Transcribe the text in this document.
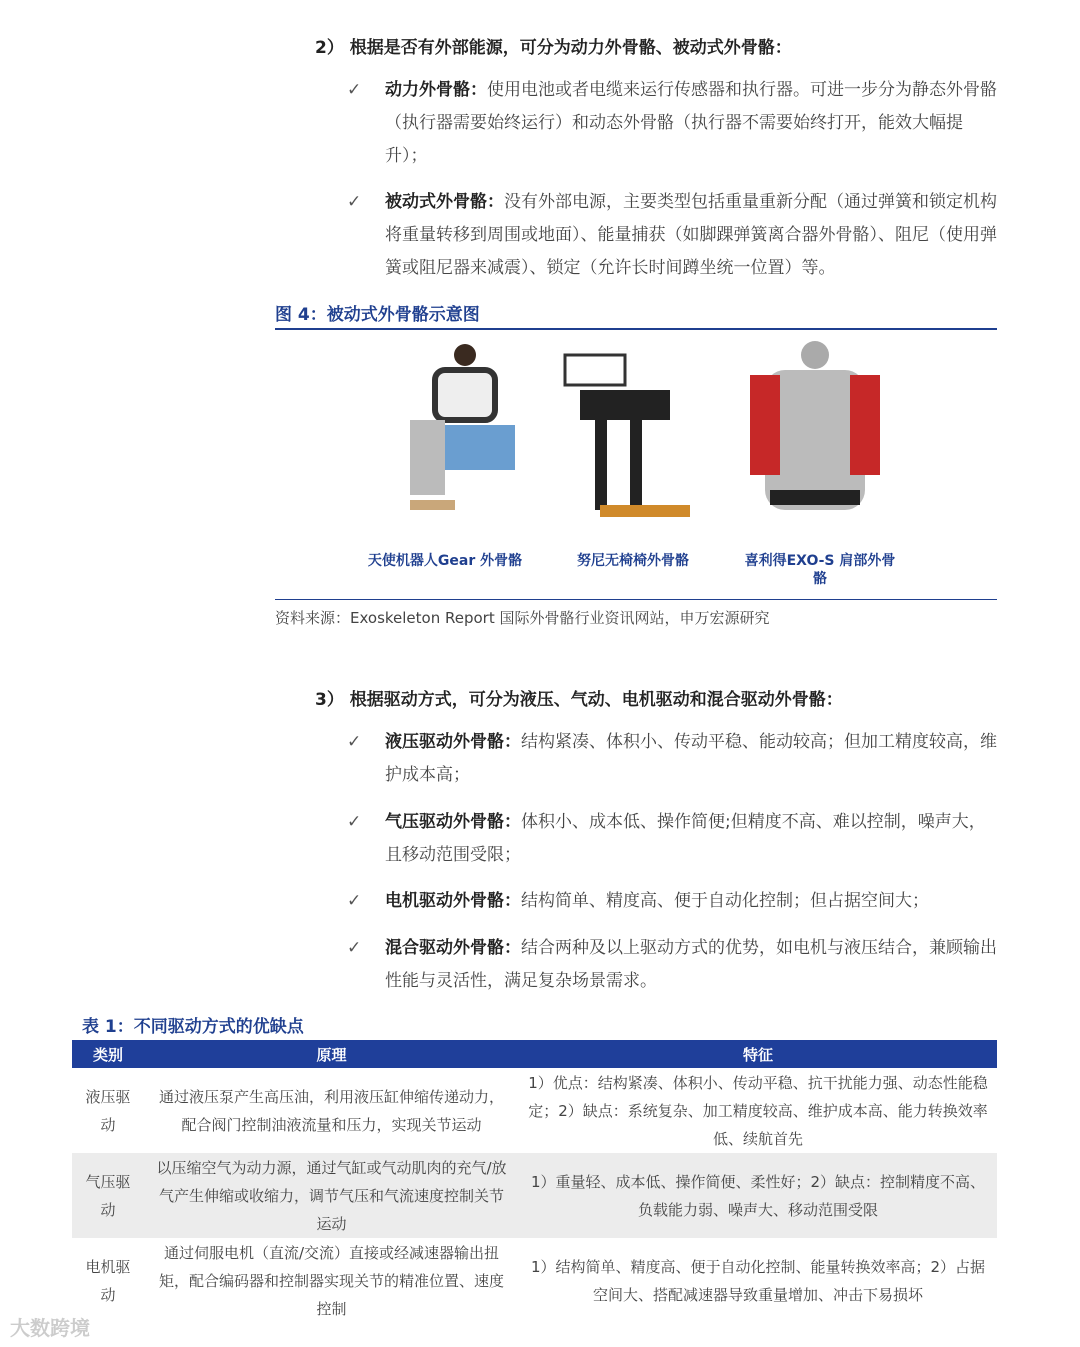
2） 根据是否有外部能源，可分为动力外骨骼、被动式外骨骼：
✓ 动力外骨骼：使用电池或者电缆来运行传感器和执行器。可进一步分为静态外骨骼（执行器需要始终运行）和动态外骨骼（执行器不需要始终打开，能效大幅提升）；
✓ 被动式外骨骼：没有外部电源，主要类型包括重量重新分配（通过弹簧和锁定机构将重量转移到周围或地面）、能量捕获（如脚踝弹簧离合器外骨骼）、阻尼（使用弹簧或阻尼器来减震）、锁定（允许长时间蹲坐统一位置）等。
图 4：被动式外骨骼示意图
天使机器人Gear 外骨骼	努尼无椅椅外骨骼	喜利得EXO-S 肩部外骨骼
资料来源：Exoskeleton Report 国际外骨骼行业资讯网站，申万宏源研究
3） 根据驱动方式，可分为液压、气动、电机驱动和混合驱动外骨骼：
✓ 液压驱动外骨骼：结构紧凑、体积小、传动平稳、能动较高；但加工精度较高，维护成本高；
✓ 气压驱动外骨骼：体积小、成本低、操作简便;但精度不高、难以控制，噪声大，且移动范围受限；
✓ 电机驱动外骨骼：结构简单、精度高、便于自动化控制；但占据空间大；
✓ 混合驱动外骨骼：结合两种及以上驱动方式的优势，如电机与液压结合，兼顾输出性能与灵活性，满足复杂场景需求。
表 1：不同驱动方式的优缺点
类别	原理	特征
液压驱动	通过液压泵产生高压油，利用液压缸伸缩传递动力，配合阀门控制油液流量和压力，实现关节运动	1）优点：结构紧凑、体积小、传动平稳、抗干扰能力强、动态性能稳定；2）缺点：系统复杂、加工精度较高、维护成本高、能力转换效率低、续航首先
气压驱动	以压缩空气为动力源，通过气缸或气动肌肉的充气/放气产生伸缩或收缩力，调节气压和气流速度控制关节运动	1）重量轻、成本低、操作简便、柔性好；2）缺点：控制精度不高、负载能力弱、噪声大、移动范围受限
电机驱动	通过伺服电机（直流/交流）直接或经减速器输出扭矩，配合编码器和控制器实现关节的精准位置、速度控制	1）结构简单、精度高、便于自动化控制、能量转换效率高；2）占据空间大、搭配减速器导致重量增加、冲击下易损坏
大数跨境
